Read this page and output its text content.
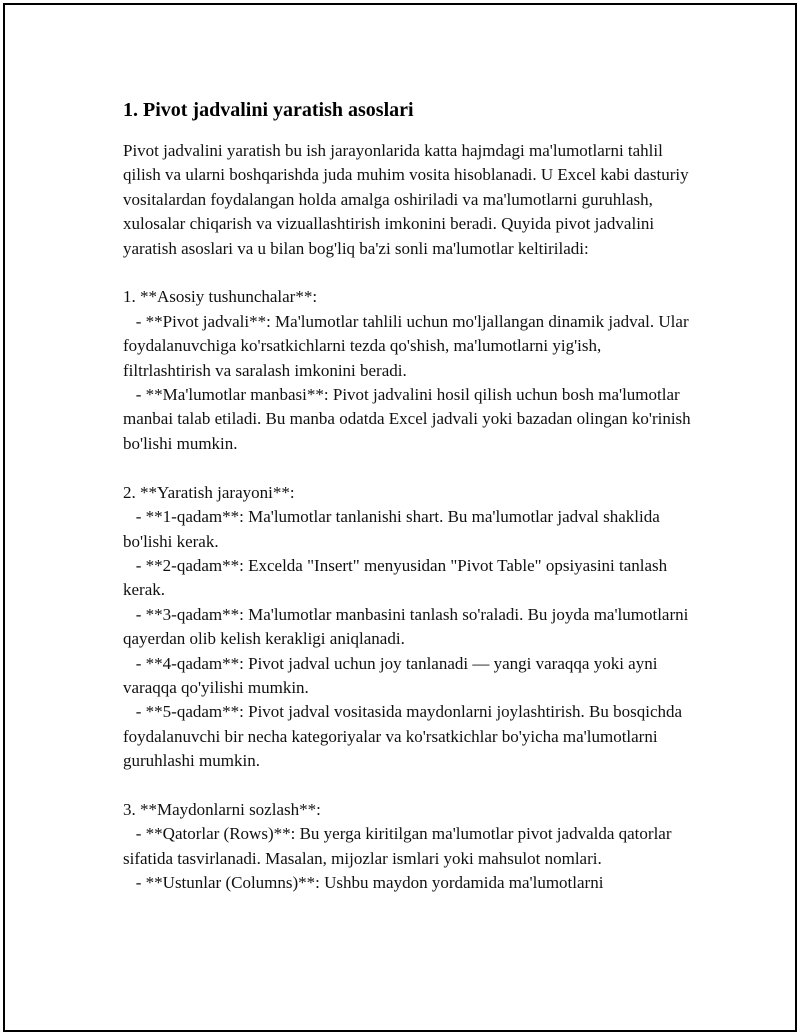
1. Pivot jadvalini yaratish asoslari
Pivot jadvalini yaratish bu ish jarayonlarida katta hajmdagi ma'lumotlarni tahlil qilish va ularni boshqarishda juda muhim vosita hisoblanadi. U Excel kabi dasturiy vositalardan foydalangan holda amalga oshiriladi va ma'lumotlarni guruhlash, xulosalar chiqarish va vizuallashtirish imkonini beradi. Quyida pivot jadvalini yaratish asoslari va u bilan bog'liq ba'zi sonli ma'lumotlar keltiriladi:

1. **Asosiy tushunchalar**:
- **Pivot jadvali**: Ma'lumotlar tahlili uchun mo'ljallangan dinamik jadval. Ular foydalanuvchiga ko'rsatkichlarni tezda qo'shish, ma'lumotlarni yig'ish, filtrlashtirish va saralash imkonini beradi.
- **Ma'lumotlar manbasi**: Pivot jadvalini hosil qilish uchun bosh ma'lumotlar manbai talab etiladi. Bu manba odatda Excel jadvali yoki bazadan olingan ko'rinish bo'lishi mumkin.

2. **Yaratish jarayoni**:
- **1-qadam**: Ma'lumotlar tanlanishi shart. Bu ma'lumotlar jadval shaklida bo'lishi kerak.
- **2-qadam**: Excelda "Insert" menyusidan "Pivot Table" opsiyasini tanlash kerak.
- **3-qadam**: Ma'lumotlar manbasini tanlash so'raladi. Bu joyda ma'lumotlarni qayerdan olib kelish kerakligi aniqlanadi.
- **4-qadam**: Pivot jadval uchun joy tanlanadi — yangi varaqqa yoki ayni varaqqa qo'yilishi mumkin.
- **5-qadam**: Pivot jadval vositasida maydonlarni joylashtirish. Bu bosqichda foydalanuvchi bir necha kategoriyalar va ko'rsatkichlar bo'yicha ma'lumotlarni guruhlashi mumkin.

3. **Maydonlarni sozlash**:
- **Qatorlar (Rows)**: Bu yerga kiritilgan ma'lumotlar pivot jadvalda qatorlar sifatida tasvirlanadi. Masalan, mijozlar ismlari yoki mahsulot nomlari.
- **Ustunlar (Columns)**: Ushbu maydon yordamida ma'lumotlarni
